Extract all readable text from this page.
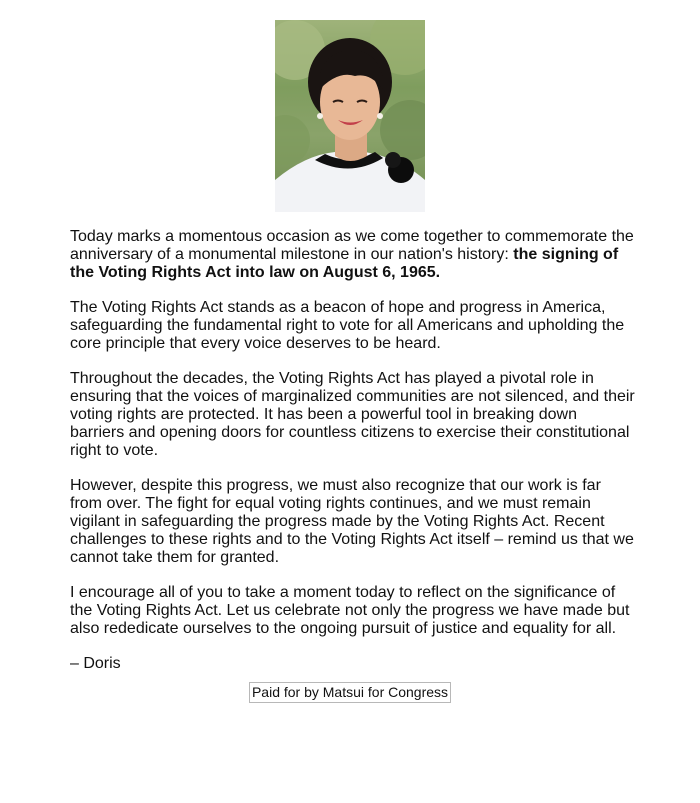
Today marks a momentous occasion as we come together to commemorate the anniversary of a monumental milestone in our nation's history: the signing of the Voting Rights Act into law on August 6, 1965.

The Voting Rights Act stands as a beacon of hope and progress in America, safeguarding the fundamental right to vote for all Americans and upholding the core principle that every voice deserves to be heard.

Throughout the decades, the Voting Rights Act has played a pivotal role in ensuring that the voices of marginalized communities are not silenced, and their voting rights are protected. It has been a powerful tool in breaking down barriers and opening doors for countless citizens to exercise their constitutional right to vote.

However, despite this progress, we must also recognize that our work is far from over. The fight for equal voting rights continues, and we must remain vigilant in safeguarding the progress made by the Voting Rights Act. Recent challenges to these rights and to the Voting Rights Act itself – remind us that we cannot take them for granted.

I encourage all of you to take a moment today to reflect on the significance of the Voting Rights Act. Let us celebrate not only the progress we have made but also rededicate ourselves to the ongoing pursuit of justice and equality for all.

– Doris

Paid for by Matsui for Congress
